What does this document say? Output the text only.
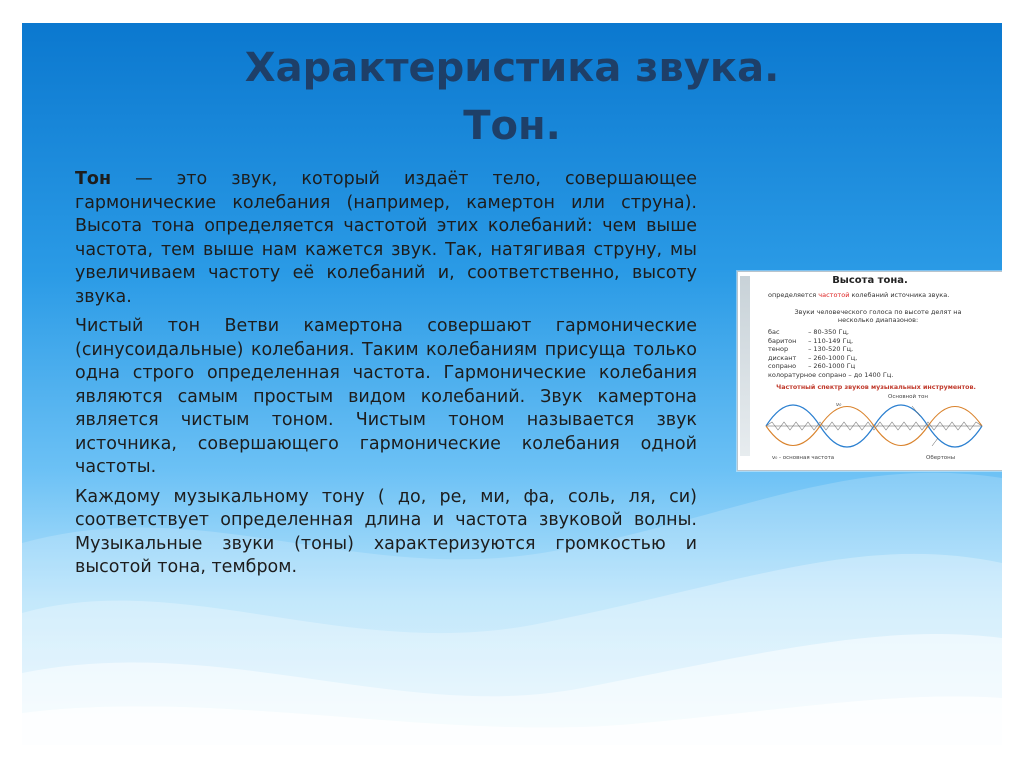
Характеристика звука.
Тон.

Тон — это звук, который издаёт тело, совершающее гармонические колебания (например, камертон или струна). Высота тона определяется частотой этих колебаний: чем выше частота, тем выше нам кажется звук. Так, натягивая струну, мы увеличиваем частоту её колебаний и, соответственно, высоту звука.

Чистый тон Ветви камертона совершают гармонические (синусоидальные) колебания. Таким колебаниям присуща только одна строго определенная частота. Гармонические колебания являются самым простым видом колебаний. Звук камертона является чистым тоном. Чистым тоном называется звук источника, совершающего гармонические колебания одной частоты.

Каждому музыкальному тону ( до, ре, ми, фа, соль, ля, си) соответствует определенная длина и частота звуковой волны. Музыкальные звуки (тоны) характеризуются громкостью и высотой тона, тембром.

Высота тона.
определяется частотой колебаний источника звука.
Звуки человеческого голоса по высоте делят на несколько диапазонов:
бас	– 80-350 Гц,
баритон – 110-149 Гц,
тенор	– 130-520 Гц,
дискант – 260-1000 Гц,
сопрано – 260-1000 Гц
колоратурное сопрано – до 1400 Гц.
Частотный спектр звуков музыкальных инструментов.
Основной тон
ν₀
ν₀ - основная частота	Обертоны
